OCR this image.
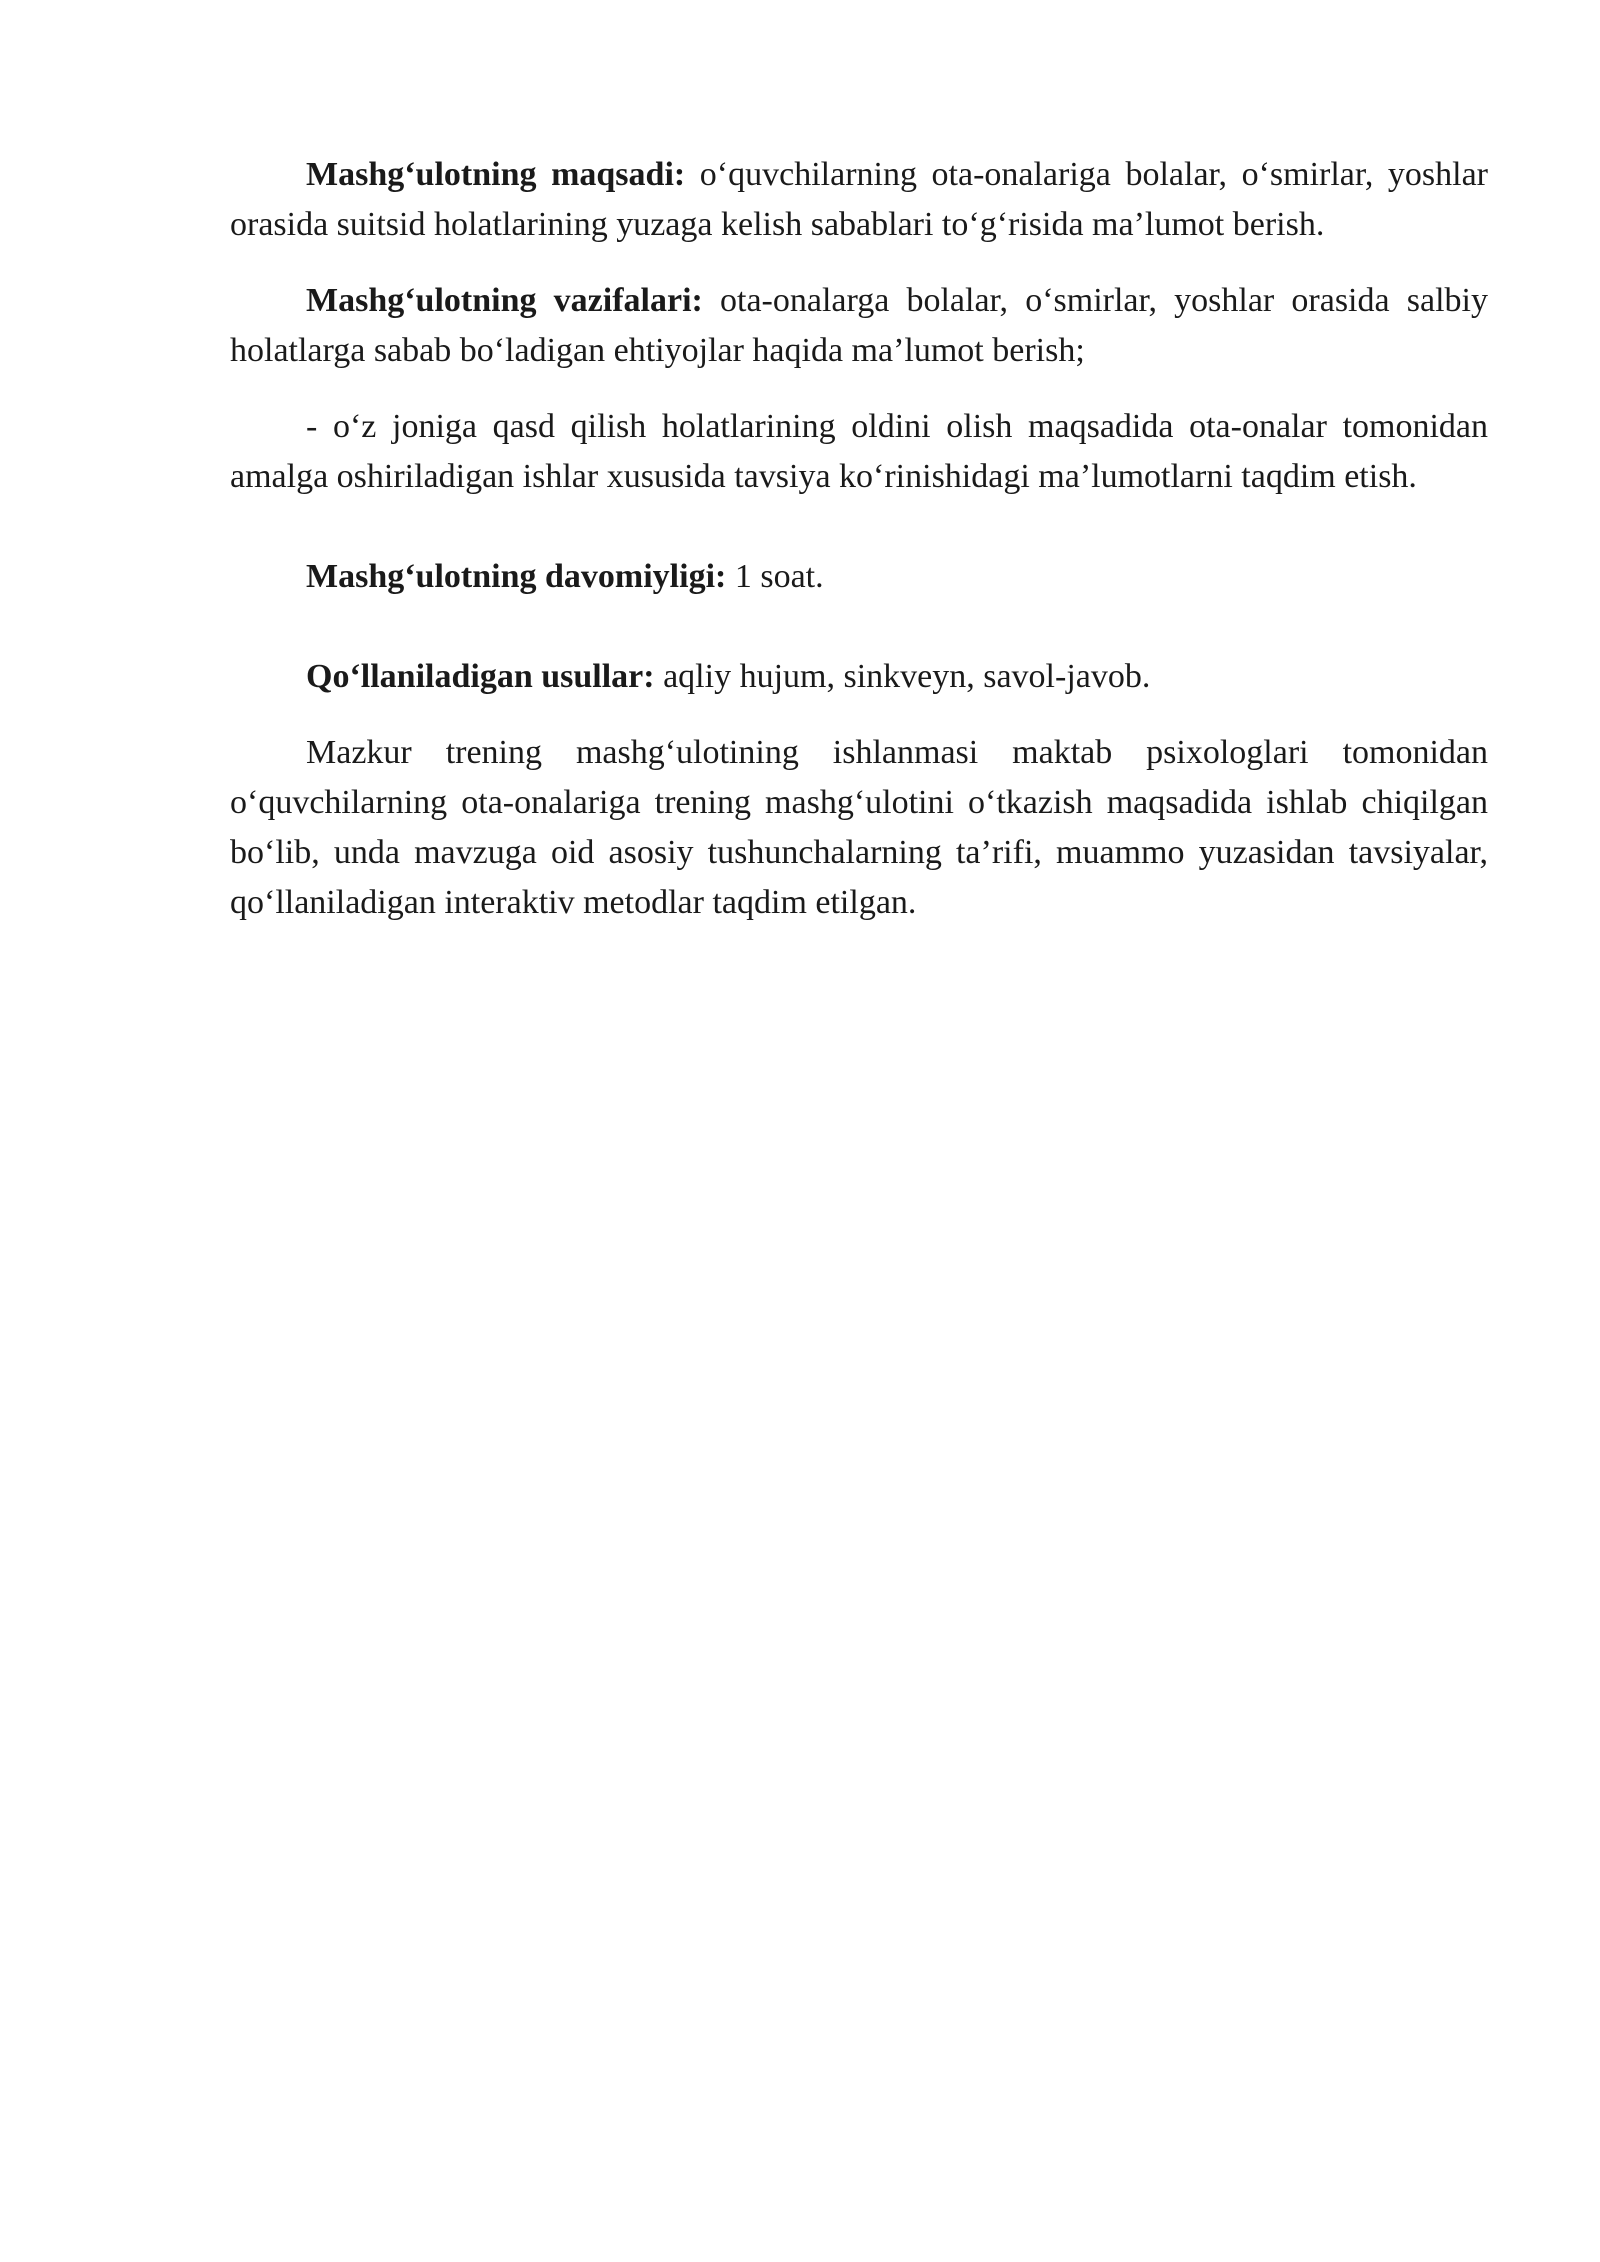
Mashg‘ulotning maqsadi: o‘quvchilarning ota-onalariga bolalar, o‘smirlar, yoshlar orasida suitsid holatlarining yuzaga kelish sabablari to‘g‘risida ma’lumot berish.

Mashg‘ulotning vazifalari: ota-onalarga bolalar, o‘smirlar, yoshlar orasida salbiy holatlarga sabab bo‘ladigan ehtiyojlar haqida ma’lumot berish;

- o‘z joniga qasd qilish holatlarining oldini olish maqsadida ota-onalar tomonidan amalga oshiriladigan ishlar xususida tavsiya ko‘rinishidagi ma’lumotlarni taqdim etish.

Mashg‘ulotning davomiyligi: 1 soat.

Qo‘llaniladigan usullar: aqliy hujum, sinkveyn, savol-javob.

Mazkur trening mashg‘ulotining ishlanmasi maktab psixologlari tomonidan o‘quvchilarning ota-onalariga trening mashg‘ulotini o‘tkazish maqsadida ishlab chiqilgan bo‘lib, unda mavzuga oid asosiy tushunchalarning ta’rifi, muammo yuzasidan tavsiyalar, qo‘llaniladigan interaktiv metodlar taqdim etilgan.
